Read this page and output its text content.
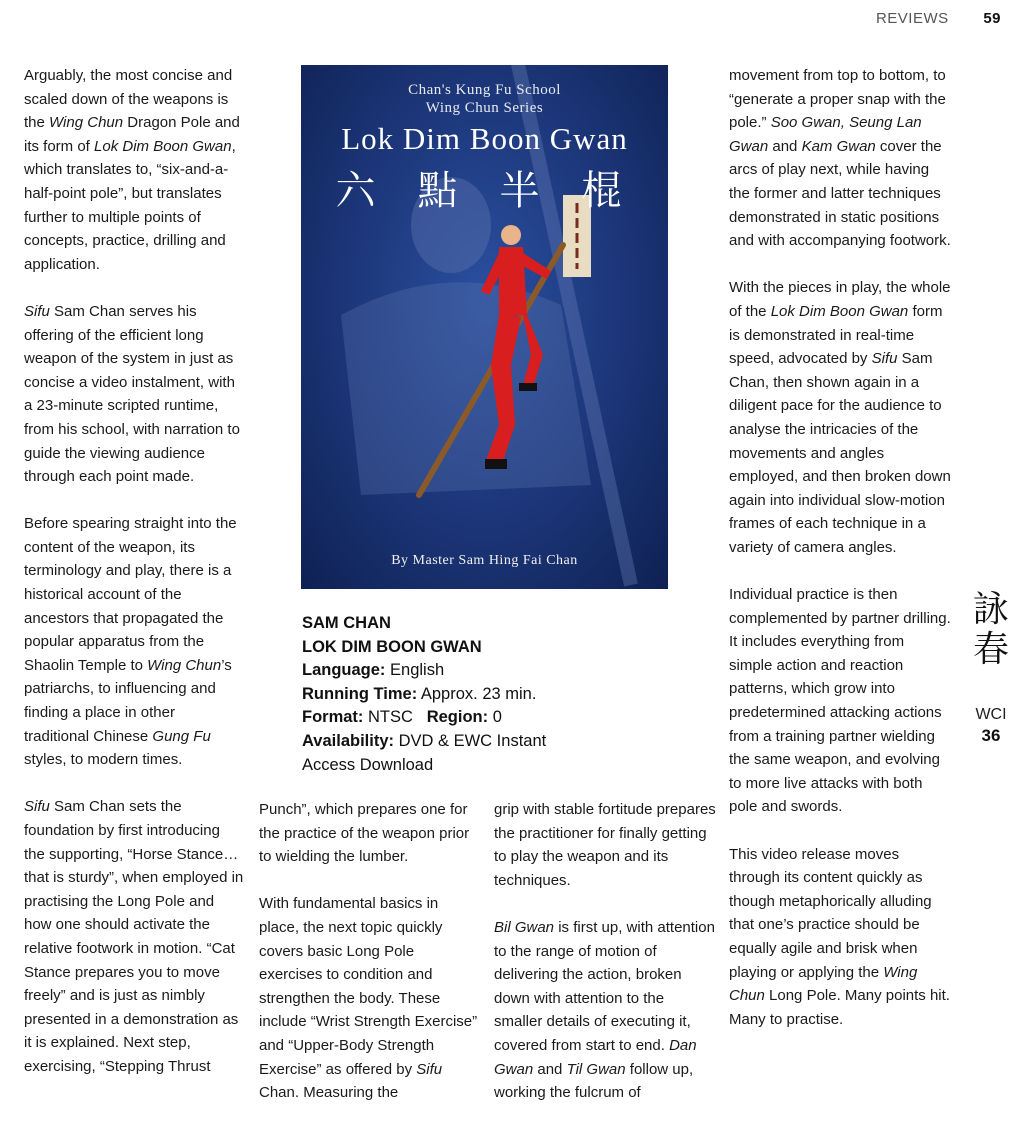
REVIEWS 59

Arguably, the most concise and scaled down of the weapons is the Wing Chun Dragon Pole and its form of Lok Dim Boon Gwan, which translates to, “six-and-a-half-point pole”, but translates further to multiple points of concepts, practice, drilling and application.

Sifu Sam Chan serves his offering of the efficient long weapon of the system in just as concise a video instalment, with a 23-minute scripted runtime, from his school, with narration to guide the viewing audience through each point made.

Before spearing straight into the content of the weapon, its terminology and play, there is a historical account of the ancestors that propagated the popular apparatus from the Shaolin Temple to Wing Chun’s patriarchs, to influencing and finding a place in other traditional Chinese Gung Fu styles, to modern times.

Sifu Sam Chan sets the foundation by first introducing the supporting, “Horse Stance… that is sturdy”, when employed in practising the Long Pole and how one should activate the relative footwork in motion. “Cat Stance prepares you to move freely” and is just as nimbly presented in a demonstration as it is explained. Next step, exercising, “Stepping Thrust

Chan's Kung Fu School
Wing Chun Series
Lok Dim Boon Gwan
六點半棍
By Master Sam Hing Fai Chan
SAM CHAN
LOK DIM BOON GWAN
Language: English
Running Time: Approx. 23 min.
Format: NTSC Region: 0
Availability: DVD & EWC Instant
Access Download

Punch”, which prepares one for the practice of the weapon prior to wielding the lumber.

With fundamental basics in place, the next topic quickly covers basic Long Pole exercises to condition and strengthen the body. These include “Wrist Strength Exercise” and “Upper-Body Strength Exercise” as offered by Sifu Chan. Measuring the

grip with stable fortitude prepares the practitioner for finally getting to play the weapon and its techniques.

Bil Gwan is first up, with attention to the range of motion of delivering the action, broken down with attention to the smaller details of executing it, covered from start to end. Dan Gwan and Til Gwan follow up, working the fulcrum of

movement from top to bottom, to “generate a proper snap with the pole.” Soo Gwan, Seung Lan Gwan and Kam Gwan cover the arcs of play next, while having the former and latter techniques demonstrated in static positions and with accompanying footwork.

With the pieces in play, the whole of the Lok Dim Boon Gwan form is demonstrated in real-time speed, advocated by Sifu Sam Chan, then shown again in a diligent pace for the audience to analyse the intricacies of the movements and angles employed, and then broken down again into individual slow-motion frames of each technique in a variety of camera angles.

Individual practice is then complemented by partner drilling. It includes everything from simple action and reaction patterns, which grow into predetermined attacking actions from a training partner wielding the same weapon, and evolving to more live attacks with both pole and swords.

This video release moves through its content quickly as though metaphorically alluding that one’s practice should be equally agile and brisk when playing or applying the Wing Chun Long Pole. Many points hit. Many to practise.

詠
春
WCI
36
